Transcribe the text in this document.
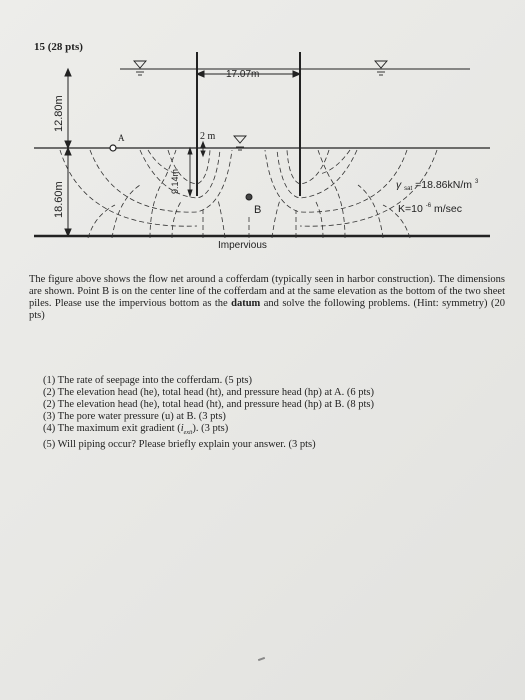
15 (28 pts)
17.07m
Impervious
12.80m
18.60m
2 m
9.14m
A
B
γ sat =18.86kN/m $^3$
K=10 $^{-6}$ m/sec
The figure above shows the flow net around a cofferdam (typically seen in harbor construction). The dimensions are shown. Point B is on the center line of the cofferdam and at the same elevation as the bottom of the two sheet piles. Please use the impervious bottom as the datum and solve the following problems. (Hint: symmetry) (20 pts)
(1) The rate of seepage into the cofferdam. (5 pts)
(2) The elevation head (he), total head (ht), and pressure head (hp) at A. (6 pts)
(2) The elevation head (he), total head (ht), and pressure head (hp) at B. (8 pts)
(3) The pore water pressure (u) at B. (3 pts)
(4) The maximum exit gradient $(i_{exit})$. (3 pts)
(5) Will piping occur? Please briefly explain your answer. (3 pts)
